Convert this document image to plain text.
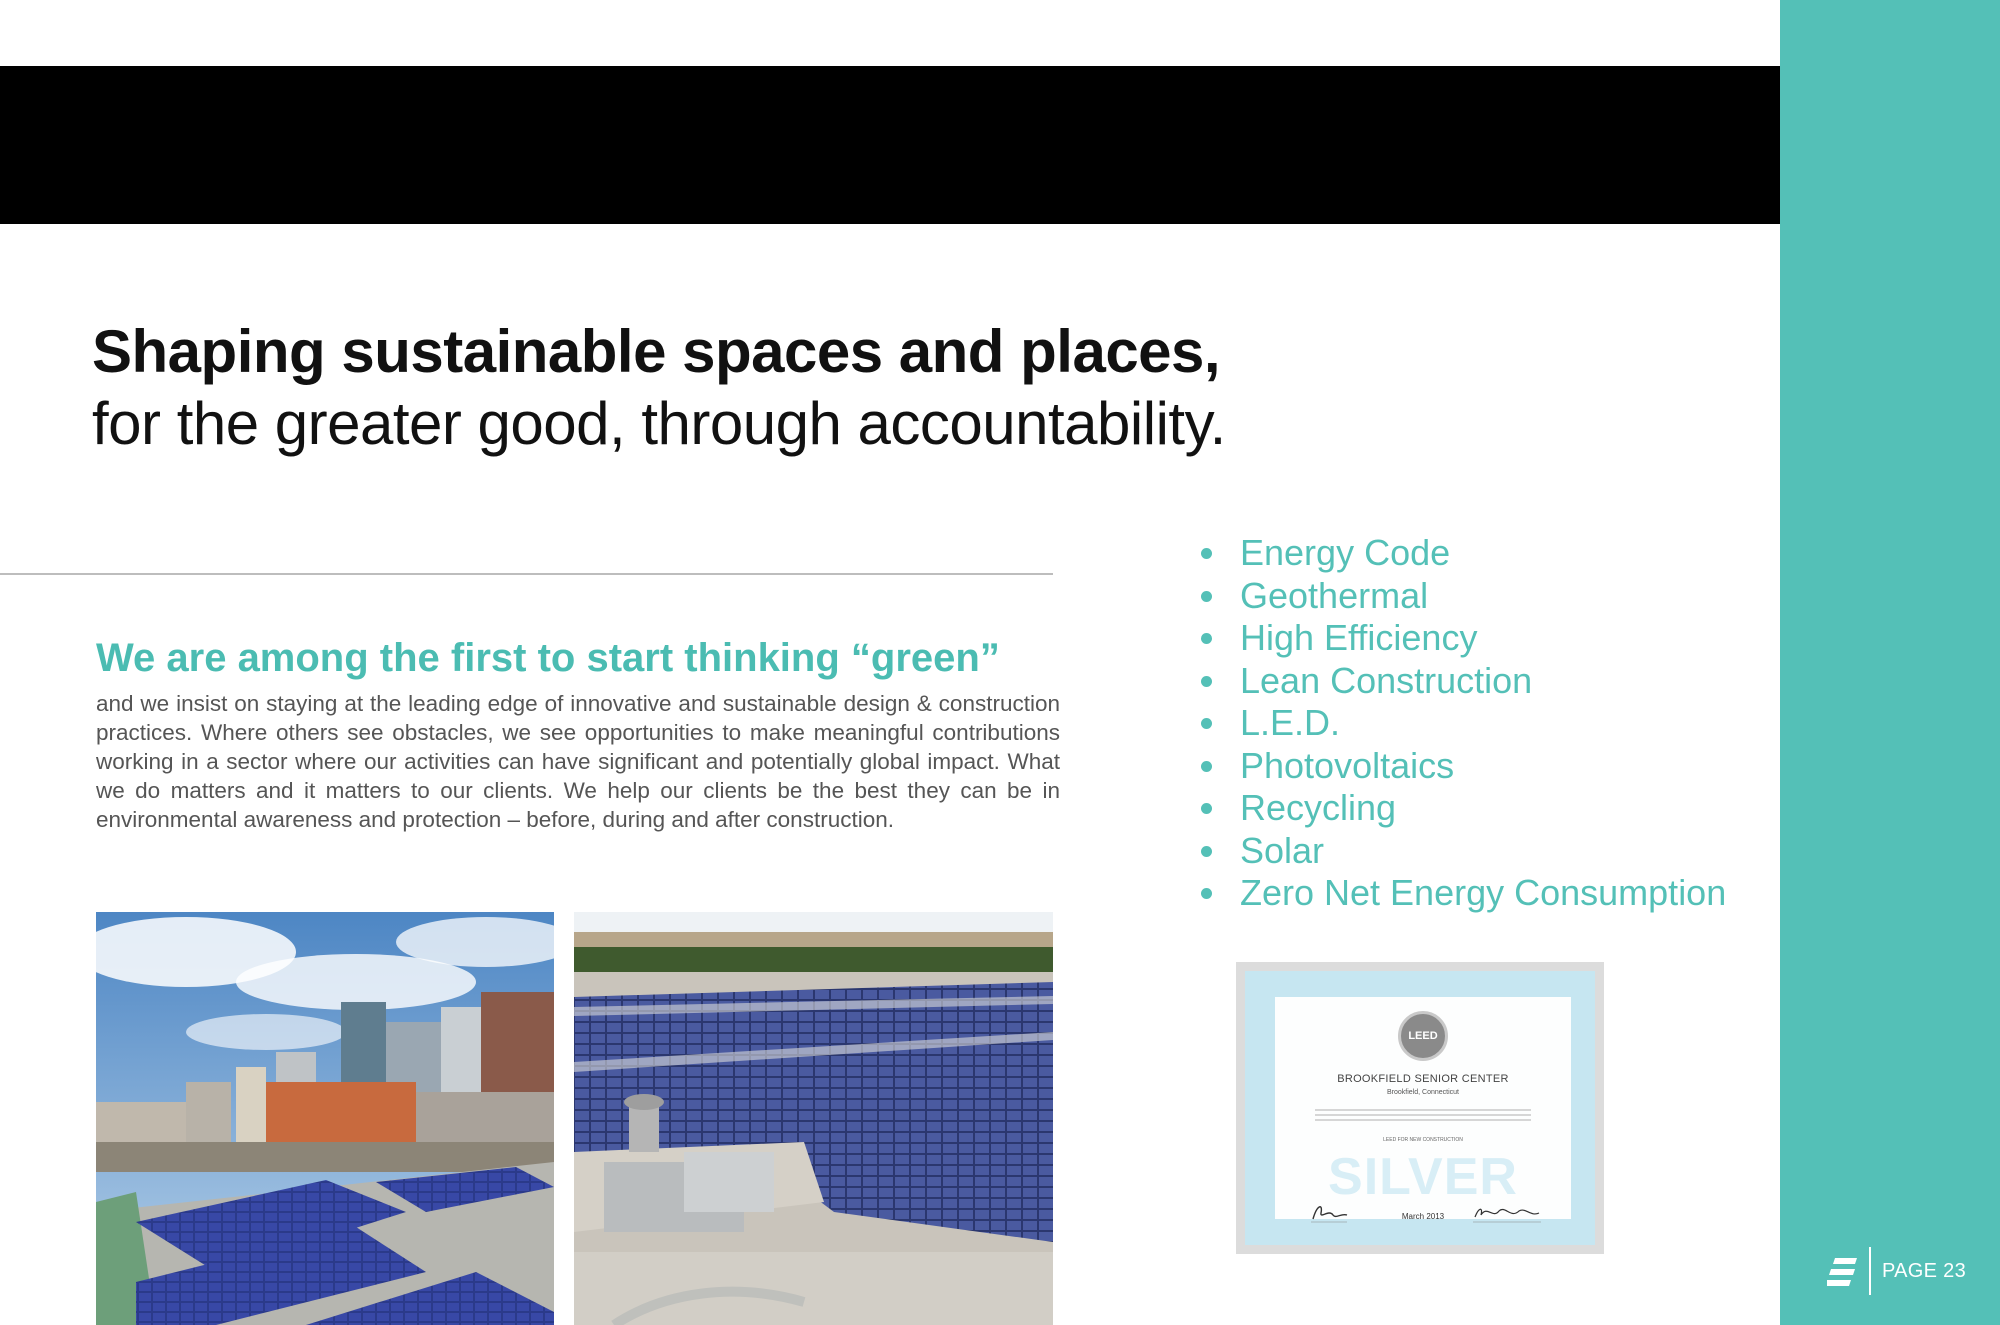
Shaping sustainable spaces and places,
for the greater good, through accountability.
We are among the first to start thinking “green”

and we insist on staying at the leading edge of innovative and sustainable design & construction practices. Where others see obstacles, we see opportunities to make meaningful contributions working in a sector where our activities can have significant and potentially global impact. What we do matters and it matters to our clients. We help our clients be the best they can be in environmental awareness and protection – before, during and after construction.

Energy Code
Geothermal
High Efficiency
Lean Construction
L.E.D.
Photovoltaics
Recycling
Solar
Zero Net Energy Consumption
LEED
BROOKFIELD SENIOR CENTER
Brookfield, Connecticut
LEED FOR NEW CONSTRUCTION
SILVER
March 2013
PAGE 23
